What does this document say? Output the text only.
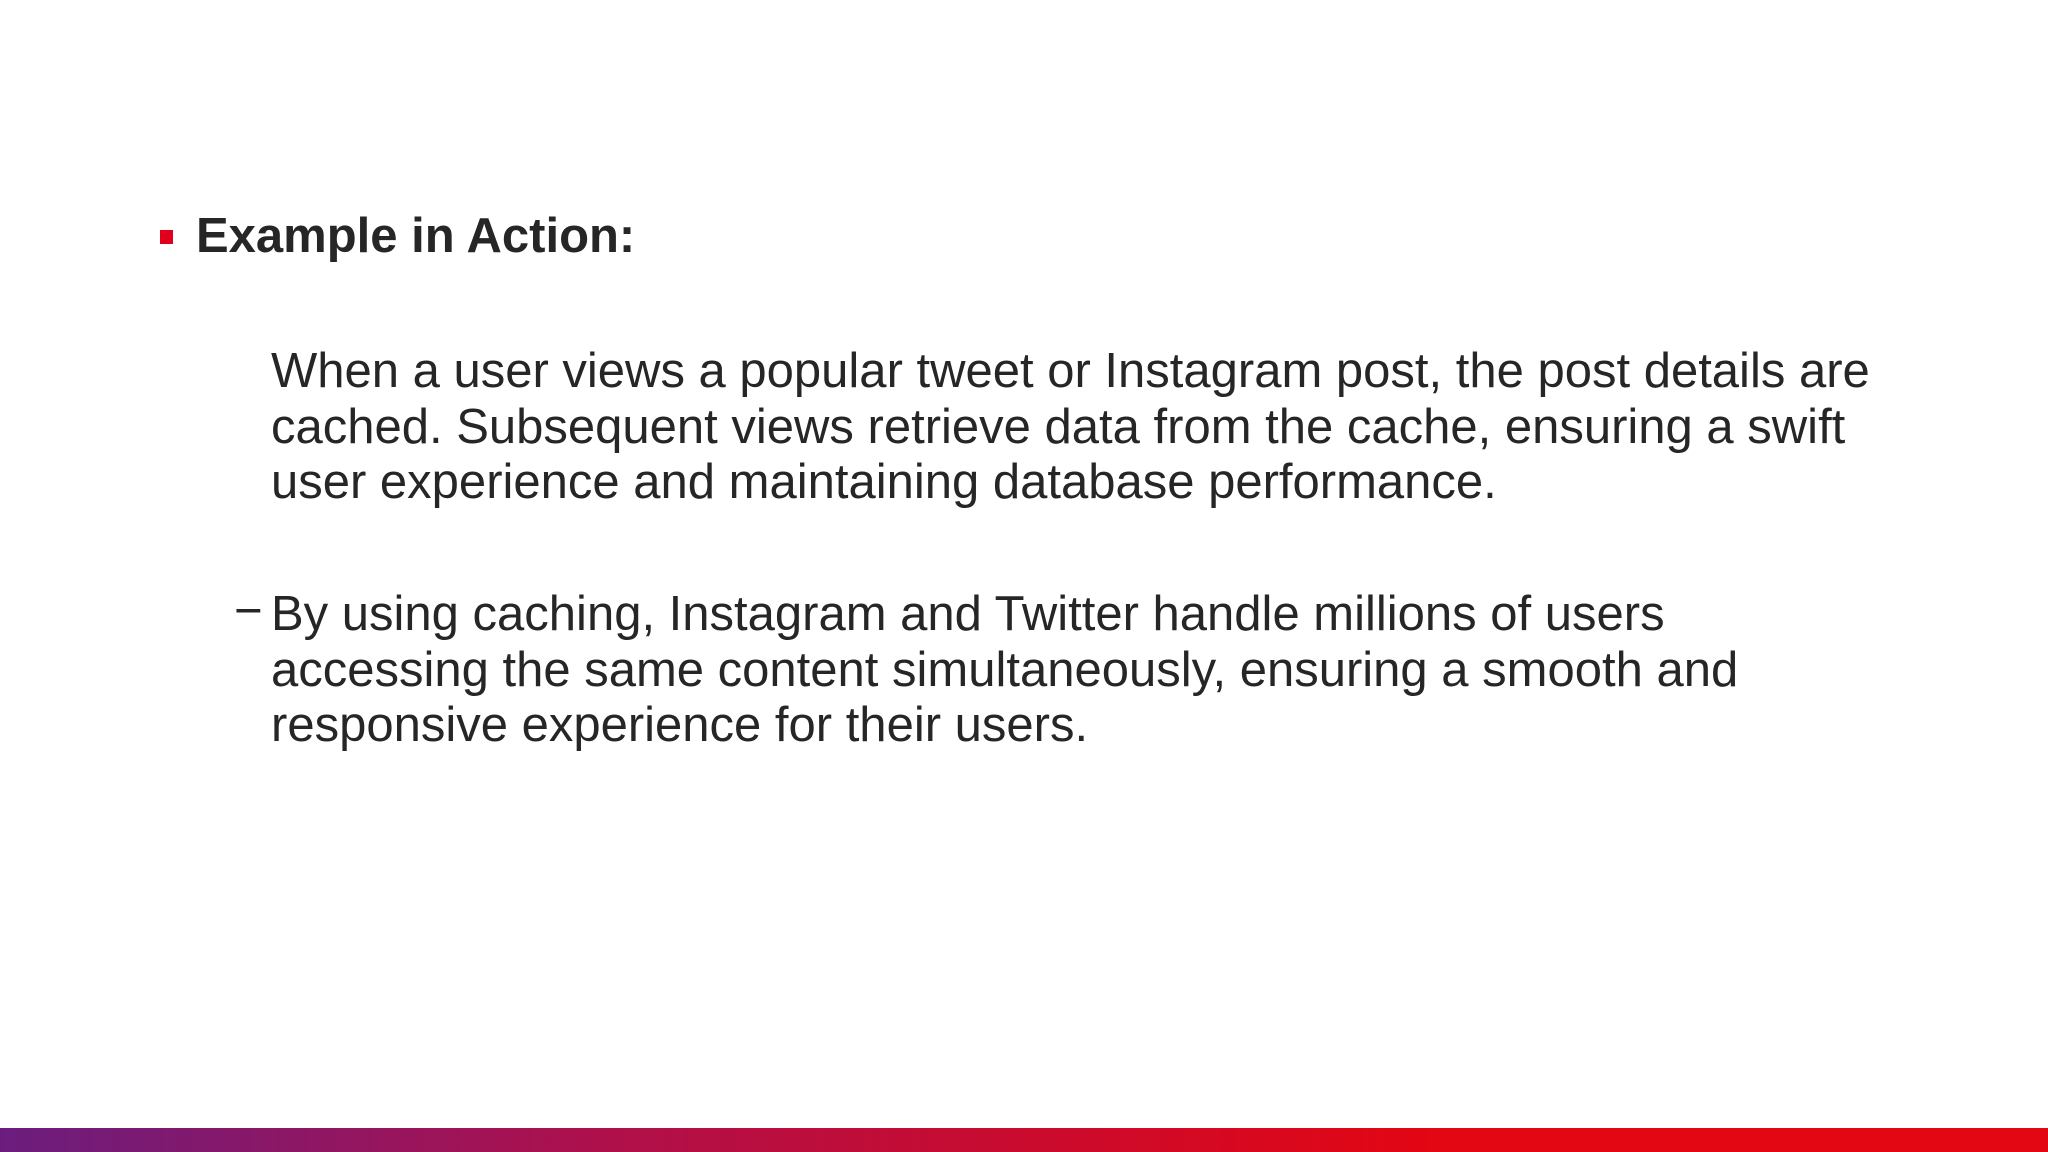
Example in Action:

When a user views a popular tweet or Instagram post, the post details are cached. Subsequent views retrieve data from the cache, ensuring a swift user experience and maintaining database performance.

− By using caching, Instagram and Twitter handle millions of users accessing the same content simultaneously, ensuring a smooth and responsive experience for their users.
